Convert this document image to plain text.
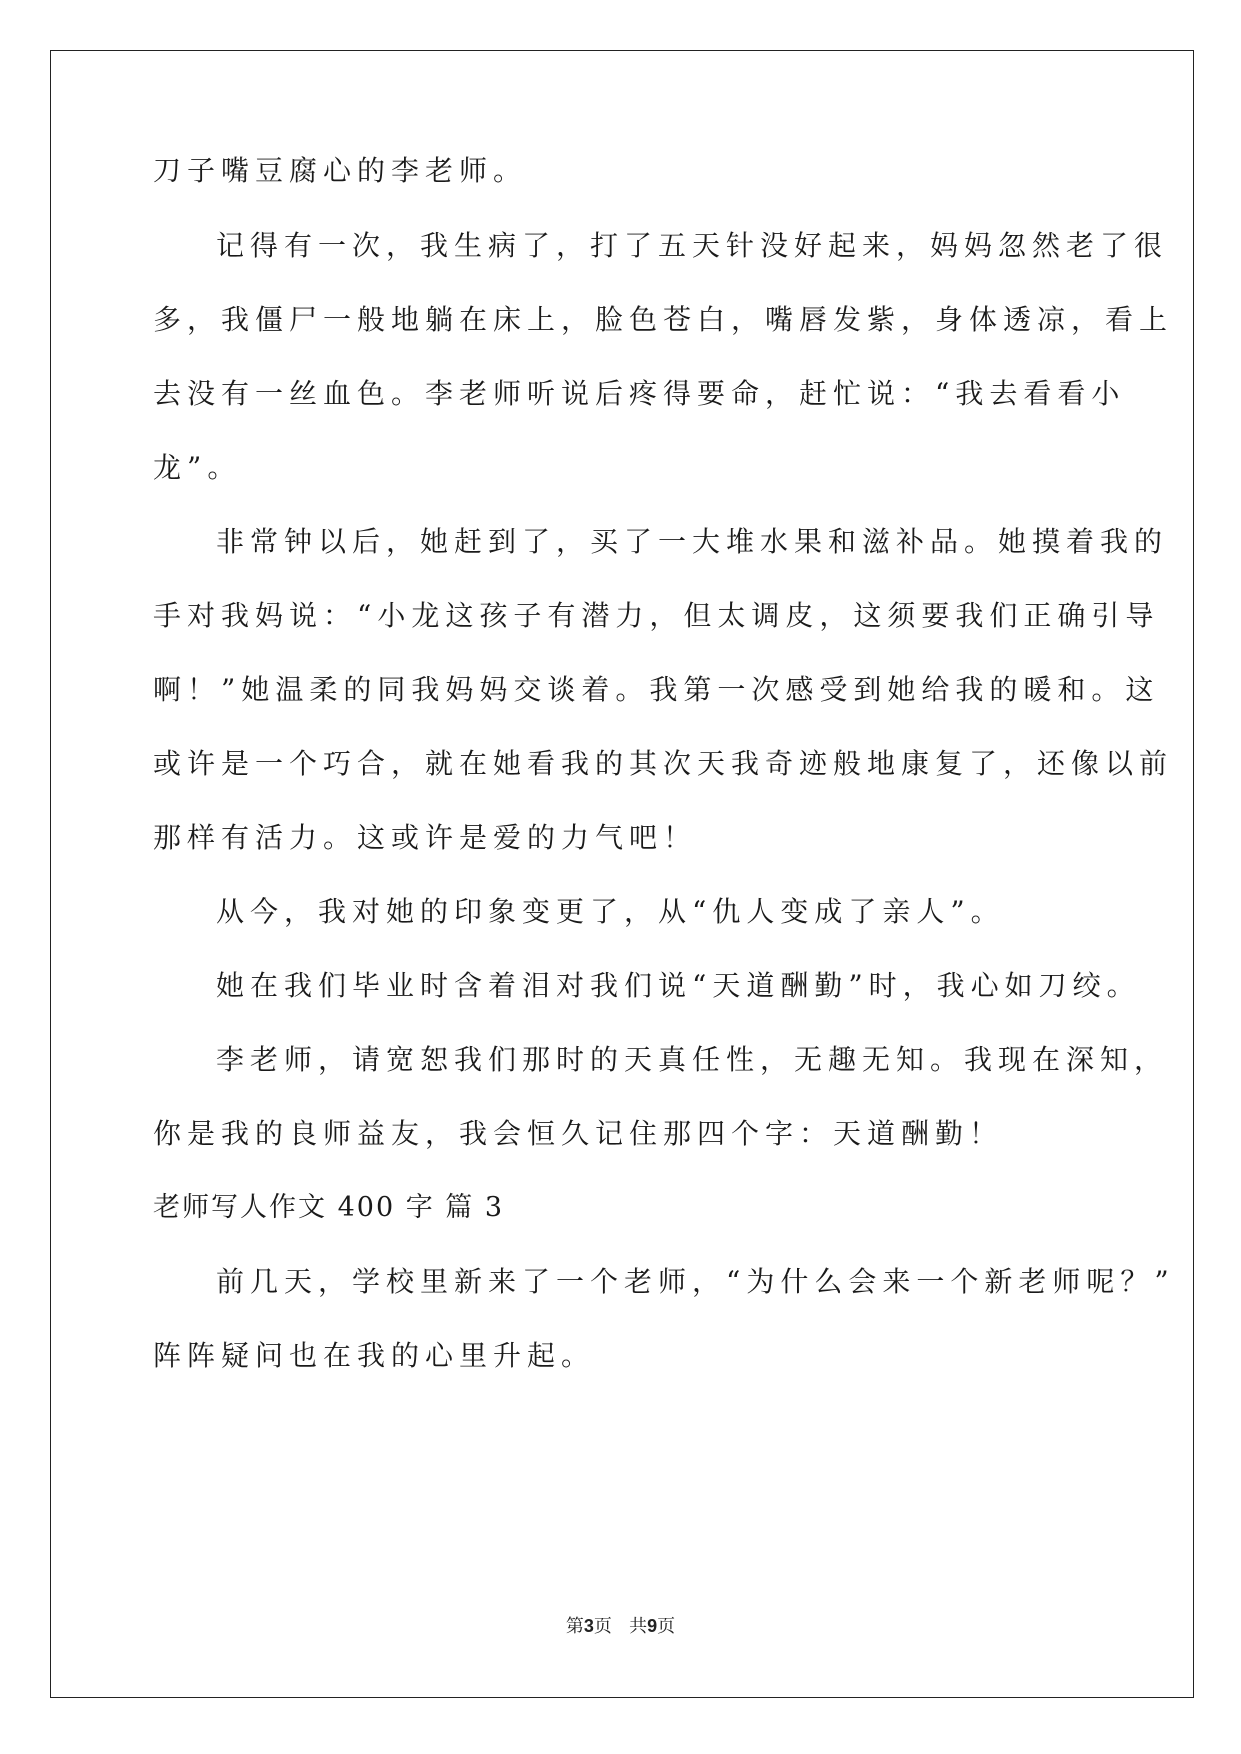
刀子嘴豆腐心的李老师。
记得有一次，我生病了，打了五天针没好起来，妈妈忽然老了很
多，我僵尸一般地躺在床上，脸色苍白，嘴唇发紫，身体透凉，看上
去没有一丝血色。李老师听说后疼得要命，赶忙说：“我去看看小
龙”。
非常钟以后，她赶到了，买了一大堆水果和滋补品。她摸着我的
手对我妈说：“小龙这孩子有潜力，但太调皮，这须要我们正确引导
啊！”她温柔的同我妈妈交谈着。我第一次感受到她给我的暖和。这
或许是一个巧合，就在她看我的其次天我奇迹般地康复了，还像以前
那样有活力。这或许是爱的力气吧！
从今，我对她的印象变更了，从“仇人变成了亲人”。
她在我们毕业时含着泪对我们说“天道酬勤”时，我心如刀绞。
李老师，请宽恕我们那时的天真任性，无趣无知。我现在深知，
你是我的良师益友，我会恒久记住那四个字：天道酬勤！
老师写人作文 400 字 篇 3
前几天，学校里新来了一个老师，“为什么会来一个新老师呢？”
阵阵疑问也在我的心里升起。
第3页   共9页
